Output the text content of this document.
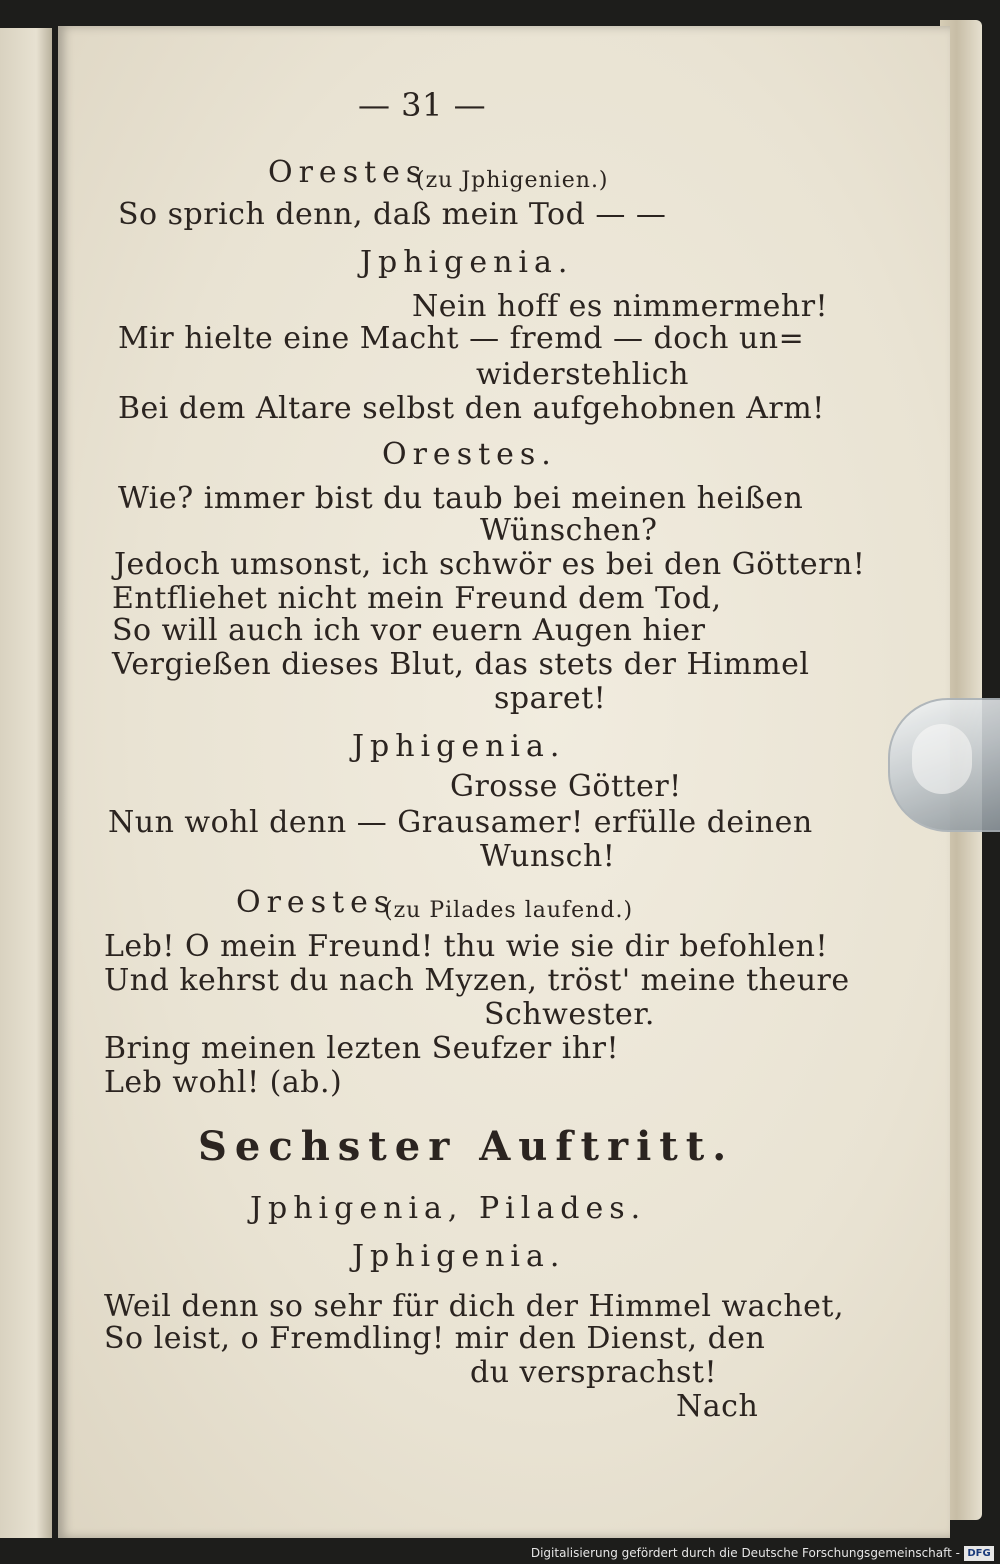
— 31 —
Orestes
(zu Jphigenien.)
So sprich denn, daß mein Tod — —
Jphigenia.
Nein hoff es nimmermehr!
Mir hielte eine Macht — fremd — doch un=
widerstehlich
Bei dem Altare selbst den aufgehobnen Arm!
Orestes.
Wie? immer bist du taub bei meinen heißen
Wünschen?
Jedoch umsonst, ich schwör es bei den Göttern!
Entfliehet nicht mein Freund dem Tod,
So will auch ich vor euern Augen hier
Vergießen dieses Blut, das stets der Himmel
sparet!
Jphigenia.
Grosse Götter!
Nun wohl denn — Grausamer! erfülle deinen
Wunsch!
Orestes
(zu Pilades laufend.)
Leb! O mein Freund! thu wie sie dir befohlen!
Und kehrst du nach Myzen, tröst' meine theure
Schwester.
Bring meinen lezten Seufzer ihr!
Leb wohl! (ab.)
Sechster Auftritt.
Jphigenia, Pilades.
Jphigenia.
Weil denn so sehr für dich der Himmel wachet,
So leist, o Fremdling! mir den Dienst, den
du versprachst!
Nach
Digitalisierung gefördert durch die Deutsche Forschungsgemeinschaft - DFG
